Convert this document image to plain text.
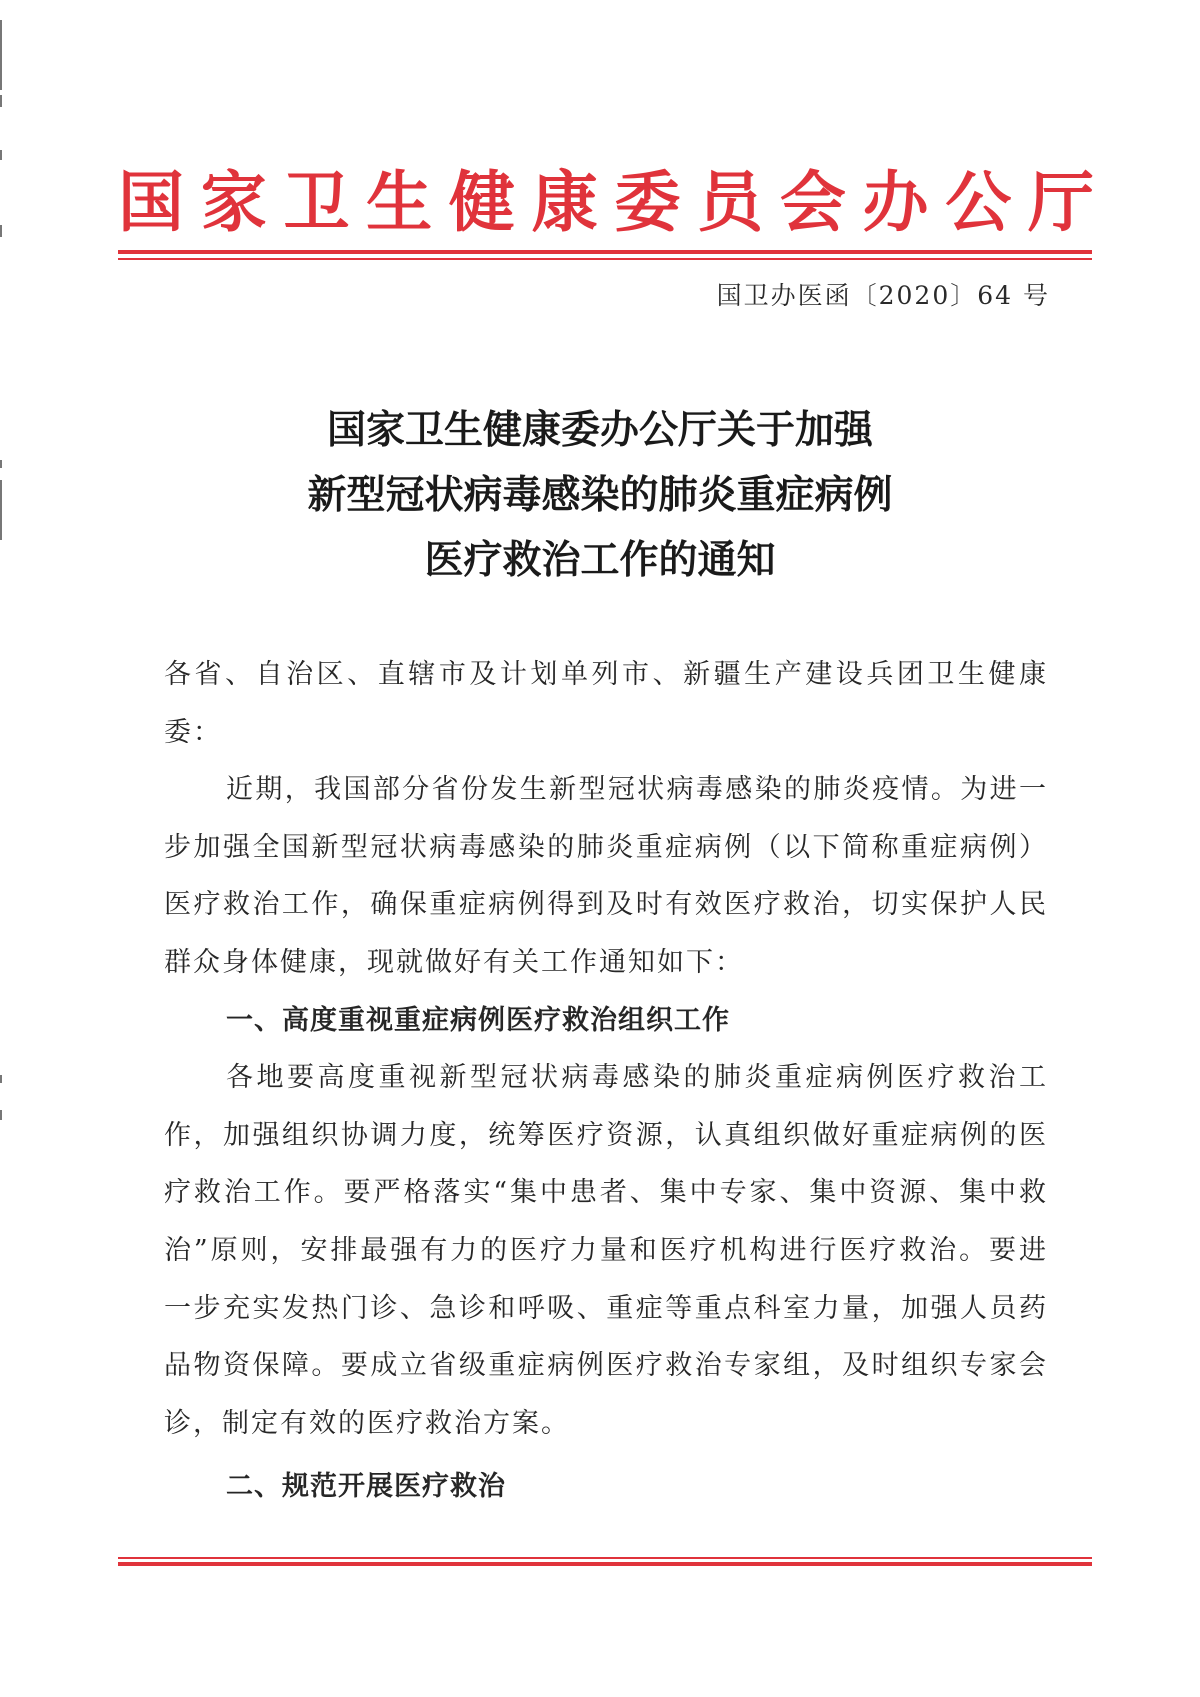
国家卫生健康委员会办公厅
国卫办医函〔2020〕64 号
国家卫生健康委办公厅关于加强
新型冠状病毒感染的肺炎重症病例
医疗救治工作的通知

各省、自治区、直辖市及计划单列市、新疆生产建设兵团卫生健康委：

近期，我国部分省份发生新型冠状病毒感染的肺炎疫情。为进一步加强全国新型冠状病毒感染的肺炎重症病例（以下简称重症病例）医疗救治工作，确保重症病例得到及时有效医疗救治，切实保护人民群众身体健康，现就做好有关工作通知如下：

一、高度重视重症病例医疗救治组织工作

各地要高度重视新型冠状病毒感染的肺炎重症病例医疗救治工作，加强组织协调力度，统筹医疗资源，认真组织做好重症病例的医疗救治工作。要严格落实“集中患者、集中专家、集中资源、集中救治”原则，安排最强有力的医疗力量和医疗机构进行医疗救治。要进一步充实发热门诊、急诊和呼吸、重症等重点科室力量，加强人员药品物资保障。要成立省级重症病例医疗救治专家组，及时组织专家会诊，制定有效的医疗救治方案。

二、规范开展医疗救治
